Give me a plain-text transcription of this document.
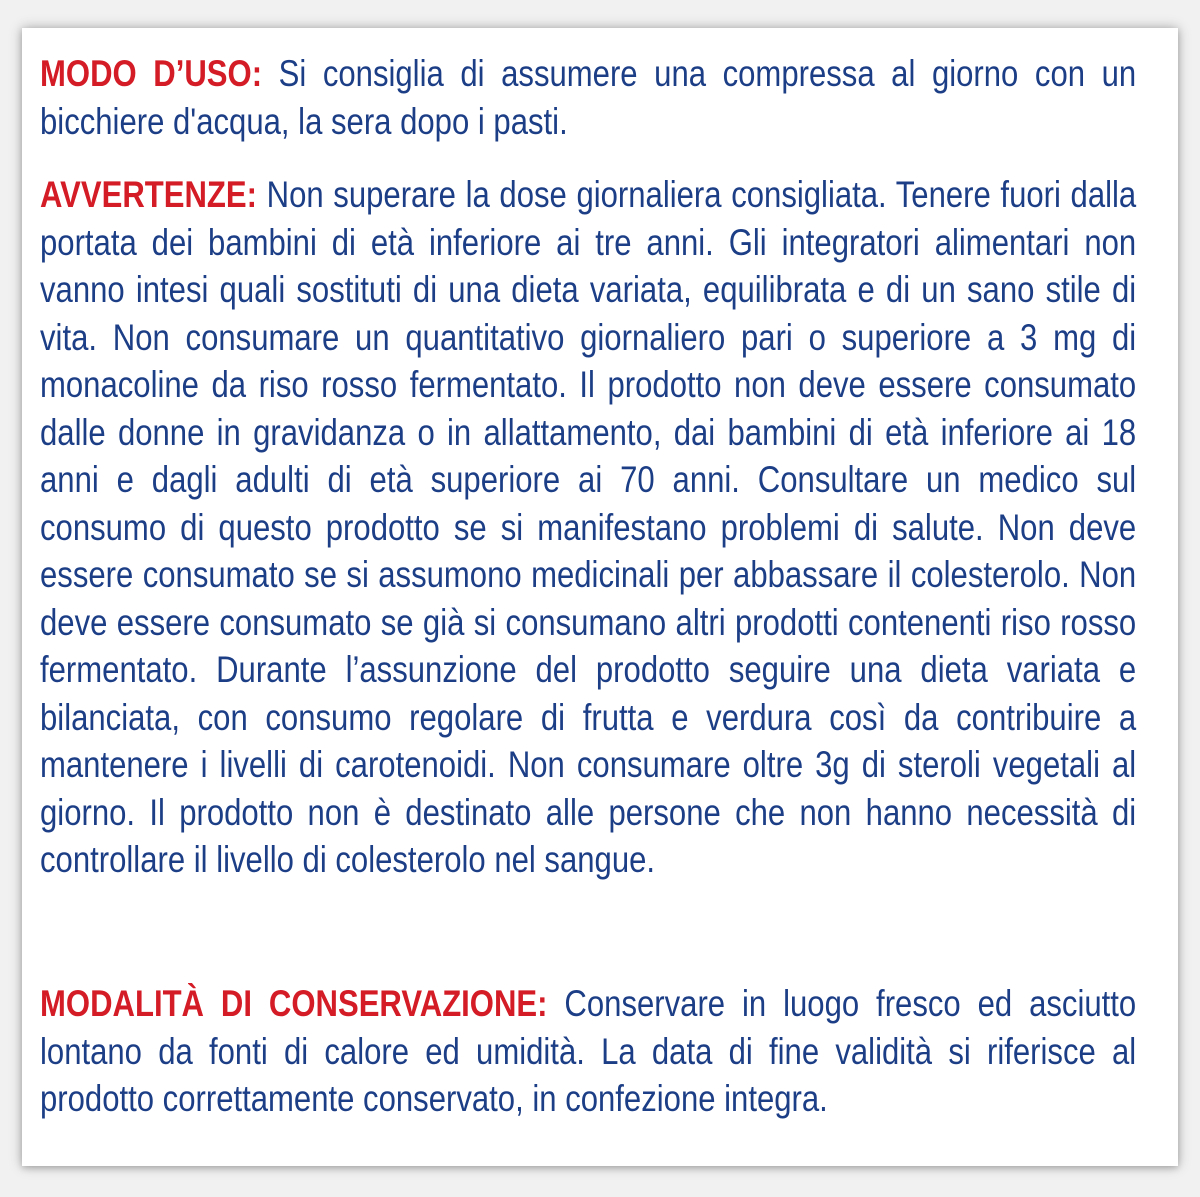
MODO D’USO: Si consiglia di assumere una compressa al giorno con un bicchiere d'acqua, la sera dopo i pasti.

AVVERTENZE: Non superare la dose giornaliera consigliata. Tenere fuori dalla portata dei bambini di età inferiore ai tre anni. Gli integratori alimentari non vanno intesi quali sostituti di una dieta variata, equilibrata e di un sano stile di vita. Non consumare un quantitativo giornaliero pari o superiore a 3 mg di monacoline da riso rosso fermentato. Il prodotto non deve essere consumato dalle donne in gravidanza o in allattamento, dai bambini di età inferiore ai 18 anni e dagli adulti di età superiore ai 70 anni. Consultare un medico sul consumo di questo prodotto se si manifestano problemi di salute. Non deve essere consumato se si assumono medicinali per abbassare il colesterolo. Non deve essere consumato se già si consumano altri prodotti contenenti riso rosso fermentato. Durante l’assunzione del prodotto seguire una dieta variata e bilanciata, con consumo regolare di frutta e verdura così da contribuire a mantenere i livelli di carotenoidi. Non consumare oltre 3g di steroli vegetali al giorno. Il prodotto non è destinato alle persone che non hanno necessità di controllare il livello di colesterolo nel sangue.

MODALITÀ DI CONSERVAZIONE: Conservare in luogo fresco ed asciutto lontano da fonti di calore ed umidità. La data di fine validità si riferisce al prodotto correttamente conservato, in confezione integra.
